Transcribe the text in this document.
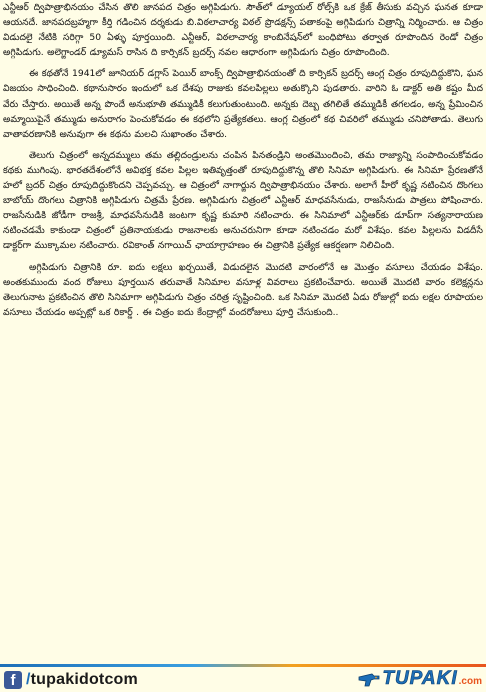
ఎన్టీఆర్ ద్విపాత్రాభినయం చేసిన తొలి జానపద చిత్రం అగ్గిపిడుగు. సౌత్‌లో డ్యూయల్ రోల్స్‌కి ఒక క్రేజ్ తీసుకు వచ్చిన ఘనత కూడా ఆయనదే. జానపదబ్రహ్మగా కీర్తి గడించిన దర్శకుడు బి.విఠలాచార్య విఠల్ ప్రొడక్షన్స్ పతాకంపై అగ్గిపిడుగు చిత్రాన్ని నిర్మించారు. ఆ చిత్రం విడుదలై నేటికి సరిగ్గా 50 ఏళ్ళు పూర్తయింది. ఎన్టీఆర్, విఠలాచార్య కాంబినేషన్‌లో బంధిపోటు తర్వాత రూపొందిన రెండో చిత్రం అగ్గిపిడుగు. అలెగ్జాండర్ డ్యూమస్ రాసిన ది కార్సికన్ బ్రదర్స్ నవల ఆధారంగా అగ్గిపిడుగు చిత్రం రూపొందింది.

ఈ కథతోనే 1941లో జూనియర్ డగ్లాస్ పెయిర్ బాంక్స్ ద్విపాత్రాభినయంతో ది కార్సికన్ బ్రదర్స్ ఆంగ్ల చిత్రం రూపుదిద్దుకొని, ఘన విజయం సాధించింది. కథానుసారం ఇందులో ఒక దేశపు రాజుకు కవలపిల్లలు అతుక్కొని పుడతారు. వారిని ఓ డాక్టర్ అతి కష్టం మీద వేరు చేస్తారు. అయితే అన్న పొందే అనుభూతి తమ్ముడికీ కలుగుతుంటుంది. అన్నకు దెబ్బ తగిలితే తమ్ముడికీ తగలడం, అన్న ప్రేమించిన అమ్మాయిపైనే తమ్ముడు అనురాగం పెంచుకోవడం ఈ కథలోని ప్రత్యేకతలు. ఆంగ్ల చిత్రంలో కథ చివరిలో తమ్ముడు చనిపోతాడు. తెలుగు వాతావరణానికి అనువుగా ఈ కథను మలచి సుఖాంతం చేశారు.

తెలుగు చిత్రంలో అన్నదమ్ములు తమ తల్లిదండ్రులను చంపిన పినతండ్రిని అంతమొందించి, తమ రాజ్యాన్ని సంపాదించుకోవడం కథకు ముగింపు. భారతదేశంలోనే అవిభక్త కవల పిల్లల ఇతివృత్తంతో రూపుదిద్దుకొన్న తొలి సినిమా అగ్గిపిడుగు. ఈ సినిమా ప్రేరణతోనే హలో బ్రదర్ చిత్రం రూపుదిద్దుకొందని చెప్పవచ్చు. ఆ చిత్రంలో నాగార్జున ద్విపాత్రాభినయం చేశారు. అలాగే హీరో కృష్ణ నటించిన దొంగలు బాబోయ్ దొంగలు చిత్రానికి అగ్గిపిడుగు చిత్రమే ప్రేరణ. అగ్గిపిడుగు చిత్రంలో ఎన్టీఆర్ మాధవసేనుడు, రాజసేనుడు పాత్రలు పోషించారు. రాజసేనుడికి జోడీగా రాజశ్రీ, మాధవసేనుడికి జంటగా కృష్ణ కుమారి నటించారు. ఈ సినిమాలో ఎన్టీఆర్‌కు డూప్‌గా సత్యనారాయణ నటించడమే కాకుండా చిత్రంలో ప్రతినాయకుడు రాజనాలకు అనుచరునిగా కూడా నటించడం మరో విశేషం. కవల పిల్లలను విడదీసే డాక్టర్‌గా ముక్కామల నటించారు. రవికాంత్ నగాయిచ్ ఛాయాగ్రాహణం ఈ చిత్రానికి ప్రత్యేక ఆకర్షణగా నిలిచింది.

అగ్గిపిడుగు చిత్రానికి రూ. ఐదు లక్షలు ఖర్చయితే, విడుదలైన మొదటి వారంలోనే ఆ మొత్తం వసూలు చేయడం విశేషం. అంతకుముందు వంద రోజులు పూర్తయిన తరువాతే సినిమాల వసూళ్ల వివరాలు ప్రకటించేవారు. అయితే మొదటి వారం కలెక్షన్లను తెలుగునాట ప్రకటించిన తొలి సినిమాగా అగ్గిపిడుగు చిత్రం చరిత్ర సృష్టించింది. ఒక సినిమా మొదటి ఏడు రోజుల్లో ఐదు లక్షల రూపాయల వసూలు చేయడం అప్పట్లో ఒక రికార్డ్ . ఈ చిత్రం ఐదు కేంద్రాల్లో వందరోజులు పూర్తి చేసుకుంది..

f /tupakidotcom	TUPAKI.com
